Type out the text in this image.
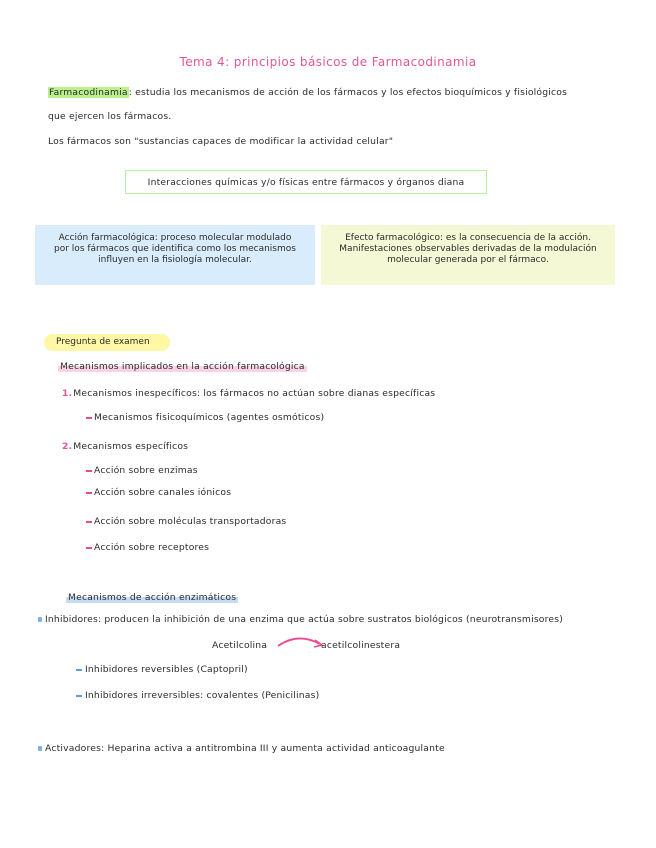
Tema 4: principios básicos de Farmacodinamia
Farmacodinamia: estudia los mecanismos de acción de los fármacos y los efectos bioquímicos y fisiológicos
que ejercen los fármacos.
Los fármacos son "sustancias capaces de modificar la actividad celular"
Interacciones químicas y/o físicas entre fármacos y órganos diana
Acción farmacológica: proceso molecular modulado por los fármacos que identifica como los mecanismos influyen en la fisiología molecular.
Efecto farmacológico: es la consecuencia de la acción. Manifestaciones observables derivadas de la modulación molecular generada por el fármaco.
Pregunta de examen
Mecanismos implicados en la acción farmacológica
1.Mecanismos inespecíficos: los fármacos no actúan sobre dianas específicas
Mecanismos fisicoquímicos (agentes osmóticos)
2.Mecanismos específicos
Acción sobre enzimas
Acción sobre canales iónicos
Acción sobre moléculas transportadoras
Acción sobre receptores
Mecanismos de acción enzimáticos
Inhibidores: producen la inhibición de una enzima que actúa sobre sustratos biológicos (neurotransmisores)
Acetilcolina	acetilcolinestera
Inhibidores reversibles (Captopril)
Inhibidores irreversibles: covalentes (Penicilinas)
Activadores: Heparina activa a antitrombina III y aumenta actividad anticoagulante
